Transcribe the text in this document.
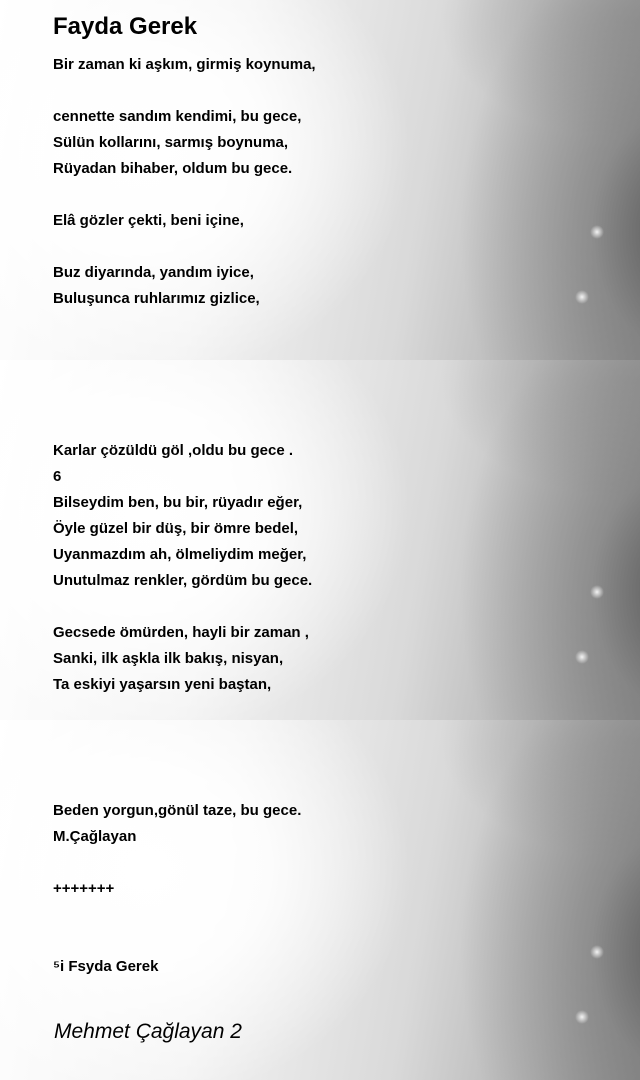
Fayda Gerek
Bir zaman ki aşkım, girmiş koynuma,
cennette sandım kendimi, bu gece,
Sülün kollarını, sarmış boynuma,
Rüyadan bihaber, oldum bu gece.
Elâ gözler çekti, beni içine,
Buz diyarında, yandım iyice,
Buluşunca ruhlarımız gizlice,
Karlar çözüldü göl ,oldu bu gece .
6
Bilseydim ben, bu bir, rüyadır eğer,
Öyle güzel bir düş, bir ömre bedel,
Uyanmazdım ah, ölmeliydim meğer,
Unutulmaz renkler, gördüm bu gece.
Gecsede ömürden, hayli bir zaman ,
Sanki, ilk aşkla ilk bakış, nisyan,
Ta eskiyi yaşarsın yeni baştan,
Beden yorgun,gönül taze, bu gece.
M.Çağlayan
+++++++
⁵i Fsyda Gerek

Mehmet Çağlayan 2
